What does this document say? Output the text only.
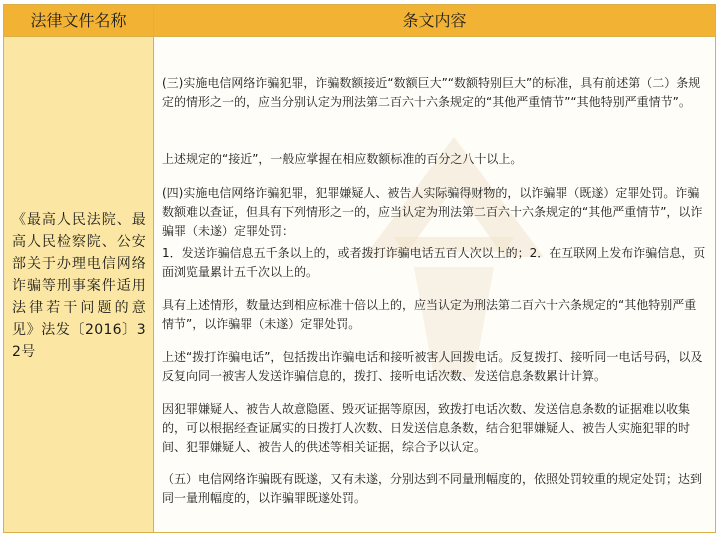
法律文件名称	条文内容
《最高人民法院、最高人民检察院、公安部关于办理电信网络诈骗等刑事案件适用法律若干问题的意见》法发〔2016〕32号

(三)实施电信网络诈骗犯罪，诈骗数额接近“数额巨大”“数额特别巨大”的标准，具有前述第（二）条规定的情形之一的，应当分别认定为刑法第二百六十六条规定的“其他严重情节”“其他特别严重情节”。

上述规定的“接近”，一般应掌握在相应数额标准的百分之八十以上。

(四)实施电信网络诈骗犯罪，犯罪嫌疑人、被告人实际骗得财物的，以诈骗罪（既遂）定罪处罚。诈骗数额难以查证，但具有下列情形之一的，应当认定为刑法第二百六十六条规定的“其他严重情节”，以诈骗罪（未遂）定罪处罚：

1．发送诈骗信息五千条以上的，或者拨打诈骗电话五百人次以上的；2．在互联网上发布诈骗信息，页面浏览量累计五千次以上的。

具有上述情形，数量达到相应标准十倍以上的，应当认定为刑法第二百六十六条规定的“其他特别严重情节”，以诈骗罪（未遂）定罪处罚。

上述“拨打诈骗电话”，包括拨出诈骗电话和接听被害人回拨电话。反复拨打、接听同一电话号码，以及反复向同一被害人发送诈骗信息的，拨打、接听电话次数、发送信息条数累计计算。

因犯罪嫌疑人、被告人故意隐匿、毁灭证据等原因，致拨打电话次数、发送信息条数的证据难以收集的，可以根据经查证属实的日拨打人次数、日发送信息条数，结合犯罪嫌疑人、被告人实施犯罪的时间、犯罪嫌疑人、被告人的供述等相关证据，综合予以认定。

（五）电信网络诈骗既有既遂，又有未遂，分别达到不同量刑幅度的，依照处罚较重的规定处罚；达到同一量刑幅度的，以诈骗罪既遂处罚。
